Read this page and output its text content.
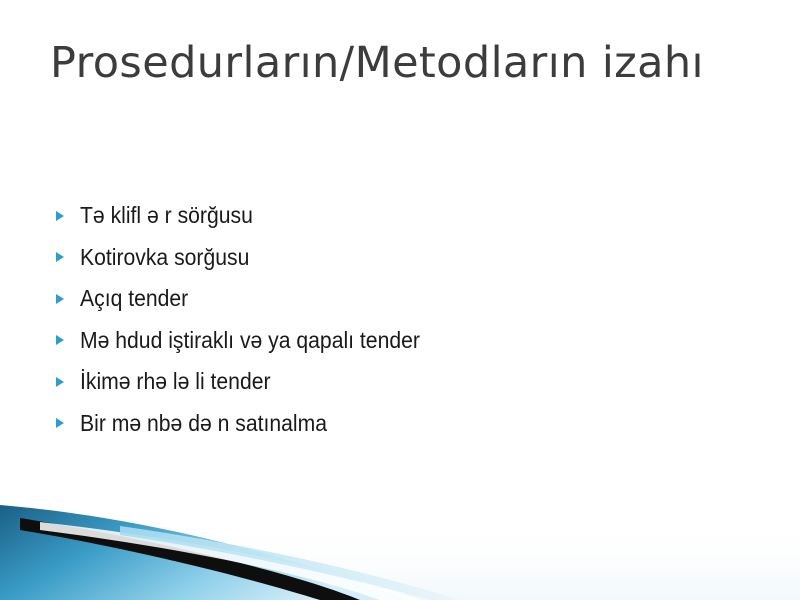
Prosedurların/Metodların izahı
Tə klifl ə r sörğusu
Kotirovka sorğusu
Açıq tender
Mə hdud iştiraklı və ya qapalı tender
İkimə rhə lə li tender
Bir mə nbə də n satınalma
